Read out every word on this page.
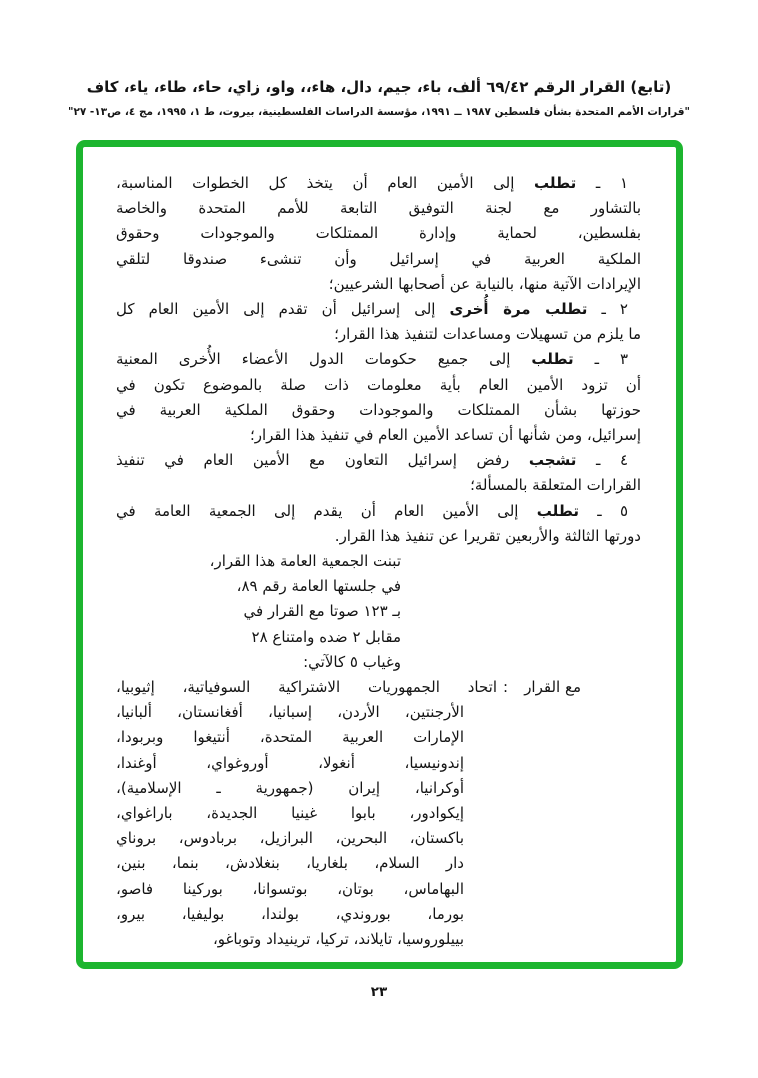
(تابع) القرار الرقم ٦٩/٤٢ ألف، باء، جيم، دال، هاء،، واو، زاي، حاء، طاء، ياء، كاف
"قرارات الأمم المتحدة بشأن فلسطين ١٩٨٧ ــ ١٩٩١، مؤسسة الدراسات الفلسطينية، بيروت، ط ١، ١٩٩٥، مج ٤، ص١٣- ٢٧"
١ ـ تطلب إلى الأمين العام أن يتخذ كل الخطوات المناسبة،
بالتشاور مع لجنة التوفيق التابعة للأمم المتحدة والخاصة
بفلسطين، لحماية وإدارة الممتلكات والموجودات وحقوق
الملكية العربية في إسرائيل وأن تنشىء صندوقا لتلقي
الإيرادات الآتية منها، بالنيابة عن أصحابها الشرعيين؛
٢ ـ تطلب مرة أُخرى إلى إسرائيل أن تقدم إلى الأمين العام كل
ما يلزم من تسهيلات ومساعدات لتنفيذ هذا القرار؛
٣ ـ تطلب إلى جميع حكومات الدول الأعضاء الأُخرى المعنية
أن تزود الأمين العام بأية معلومات ذات صلة بالموضوع تكون في
حوزتها بشأن الممتلكات والموجودات وحقوق الملكية العربية في
إسرائيل، ومن شأنها أن تساعد الأمين العام في تنفيذ هذا القرار؛
٤ ـ تشجب رفض إسرائيل التعاون مع الأمين العام في تنفيذ
القرارات المتعلقة بالمسألة؛
٥ ـ تطلب إلى الأمين العام أن يقدم إلى الجمعية العامة في
دورتها الثالثة والأربعين تقريرا عن تنفيذ هذا القرار.
تبنت الجمعية العامة هذا القرار،
في جلستها العامة رقم ٨٩،
بـ ١٢٣ صوتا مع القرار في
مقابل ٢ ضده وامتناع ٢٨
وغياب ٥ كالآتي:
مع القرار
:
اتحاد الجمهوريات الاشتراكية السوفياتية، إثيوبيا،
الأرجنتين، الأردن، إسبانيا، أفغانستان، ألبانيا،
الإمارات العربية المتحدة، أنتيغوا وبربودا،
إندونيسيا، أنغولا، أوروغواي، أوغندا،
أوكرانيا، إيران (جمهورية ـ الإسلامية)،
إيكوادور، بابوا غينيا الجديدة، باراغواي،
باكستان، البحرين، البرازيل، بربادوس، بروناي
دار السلام، بلغاريا، بنغلادش، بنما، بنين،
البهاماس، بوتان، بوتسوانا، بوركينا فاصو،
بورما، بوروندي، بولندا، بوليفيا، بيرو،
بييلوروسيا، تايلاند، تركيا، ترينيداد وتوباغو،
٢٣
